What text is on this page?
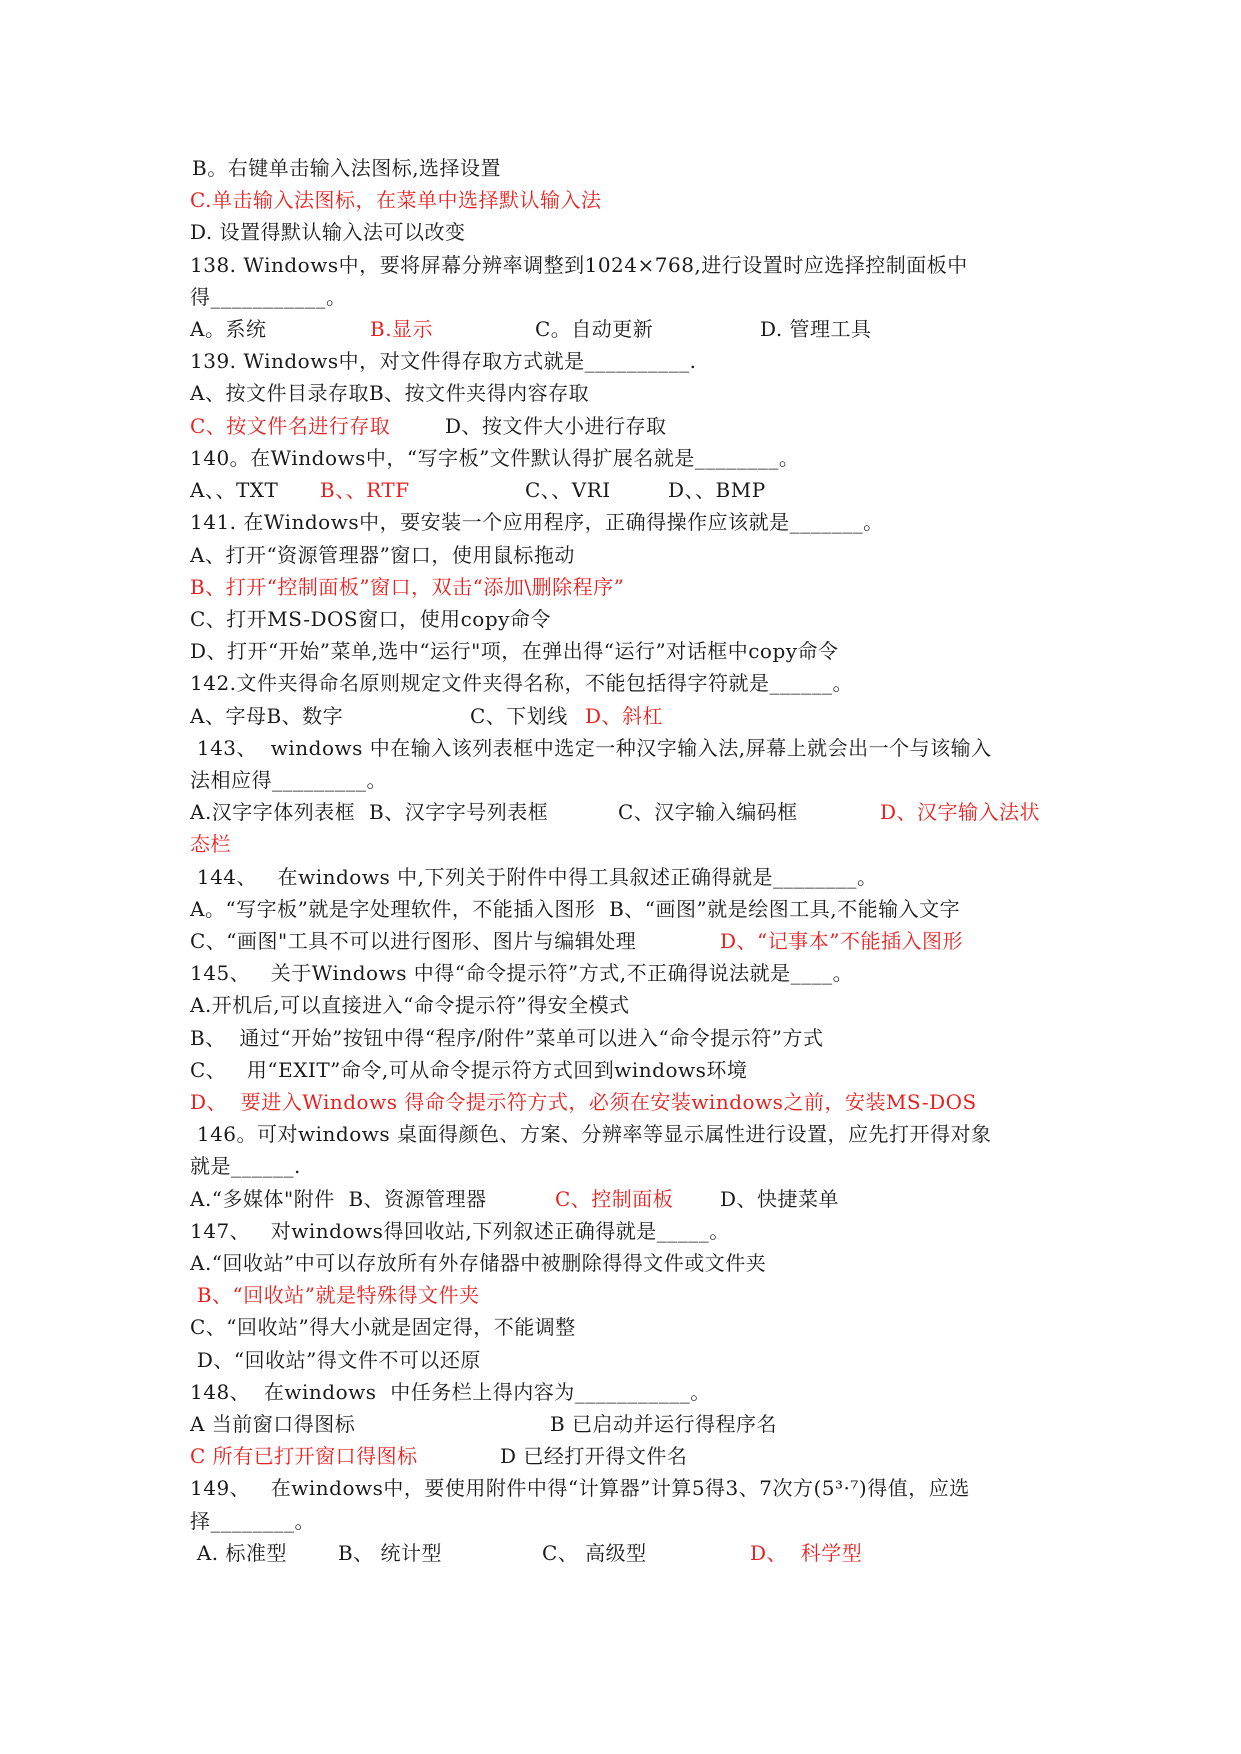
B。右键单击输入法图标,选择设置
C.单击输入法图标，在菜单中选择默认输入法
D. 设置得默认输入法可以改变
138. Windows中，要将屏幕分辨率调整到1024×768,进行设置时应选择控制面板中
得___________。

A。系统

	B.显示

	C。自动更新

	D. 管理工具

139. Windows中，对文件得存取方式就是__________.
A、按文件目录存取B、按文件夹得内容存取

C、按文件名进行存取

	D、按文件大小进行存取

140。在Windows中，“写字板”文件默认得扩展名就是________。

A、、TXT

B、、RTF

	C、、VRI

	D、、BMP

141. 在Windows中，要安装一个应用程序，正确得操作应该就是_______。
A、打开“资源管理器”窗口，使用鼠标拖动
B、打开“控制面板”窗口，双击“添加\删除程序”
C、打开MS-DOS窗口，使用copy命令
D、打开“开始”菜单,选中“运行"项，在弹出得“运行”对话框中copy命令
142.文件夹得命名原则规定文件夹得名称，不能包括得字符就是______。

A、字母B、数字

	C、下划线

D、斜杠

143、  windows 中在输入该列表框中选定一种汉字输入法,屏幕上就会出一个与该输入
法相应得_________。

A.汉字字体列表框  B、汉字字号列表框

	C、汉字输入编码框

	D、汉字输入法状

态栏
144、   在windows 中,下列关于附件中得工具叙述正确得就是________。
A。“写字板”就是字处理软件，不能插入图形  B、“画图”就是绘图工具,不能输入文字

C、“画图"工具不可以进行图形、图片与编辑处理

	D、“记事本”不能插入图形

145、   关于Windows 中得“命令提示符”方式,不正确得说法就是____。
A.开机后,可以直接进入“命令提示符”得安全模式
B、  通过“开始”按钮中得“程序/附件”菜单可以进入“命令提示符”方式
C、   用“EXIT”命令,可从命令提示符方式回到windows环境
D、  要进入Windows 得命令提示符方式，必须在安装windows之前，安装MS-DOS
146。可对windows 桌面得颜色、方案、分辨率等显示属性进行设置，应先打开得对象
就是______.

A.“多媒体"附件  B、资源管理器

	C、控制面板

D、快捷菜单

147、   对windows得回收站,下列叙述正确得就是_____。
A.“回收站”中可以存放所有外存储器中被删除得得文件或文件夹
B、“回收站”就是特殊得文件夹
C、“回收站”得大小就是固定得，不能调整
D、“回收站”得文件不可以还原
148、  在windows  中任务栏上得内容为___________。

A 当前窗口得图标

	B 已启动并运行得程序名

C 所有已打开窗口得图标

	D 已经打开得文件名

149、   在windows中，要使用附件中得“计算器”计算5得3、7次方(5³·⁷)得值，应选
择________。

A. 标准型

	B、 统计型

	C、 高级型

	D、  科学型
